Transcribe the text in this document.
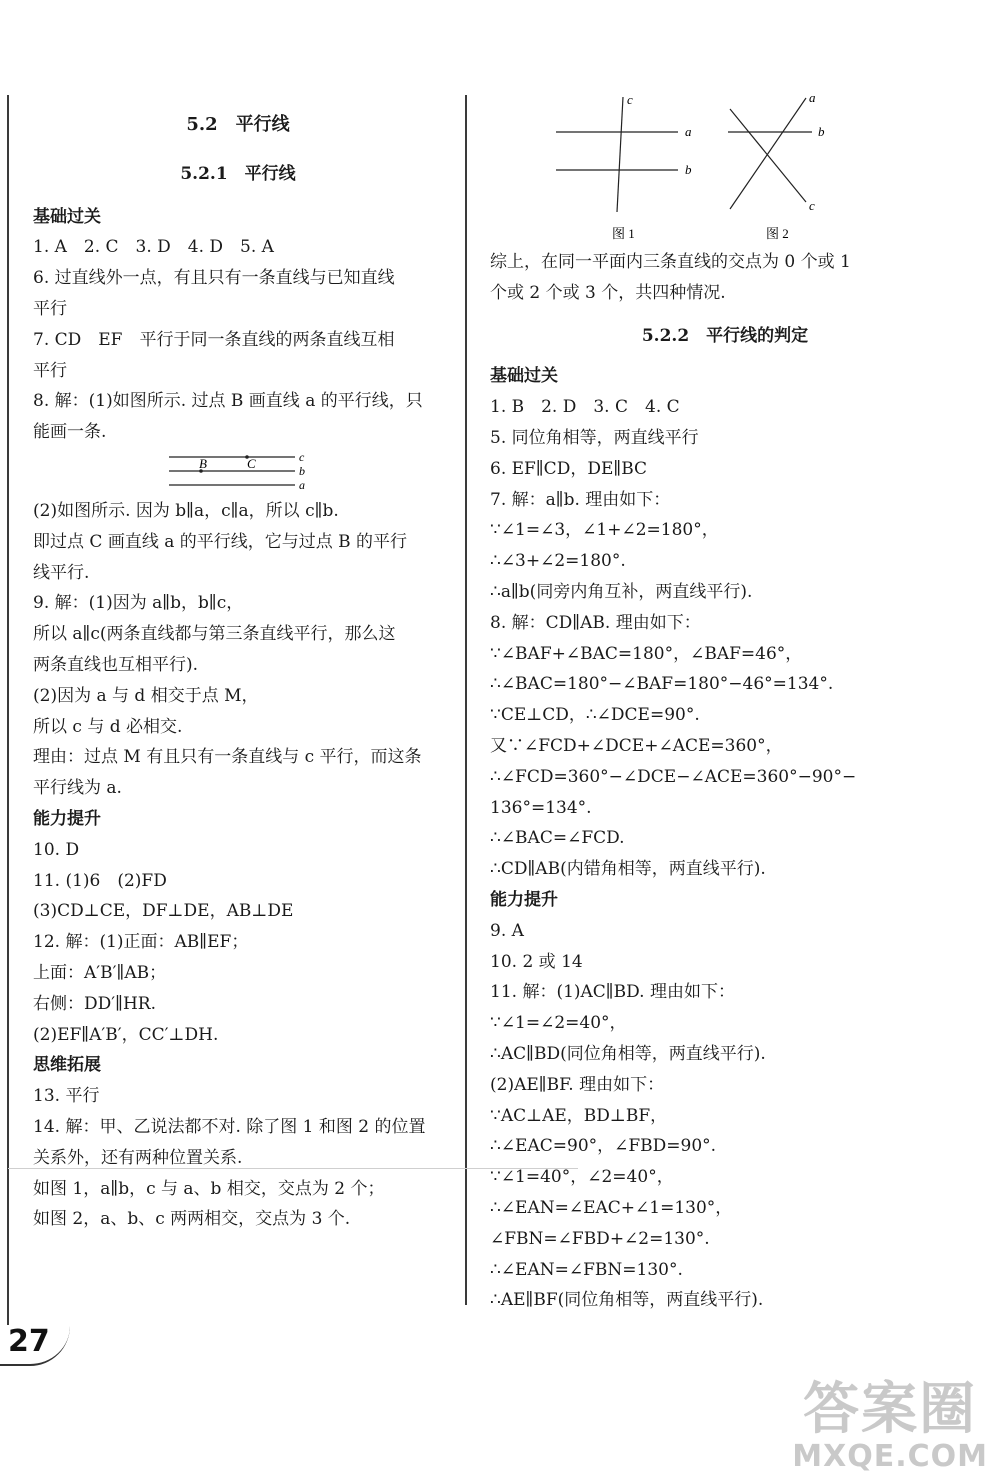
5.2　平行线
5.2.1　平行线
基础过关
1. A　2. C　3. D　4. D　5. A
6. 过直线外一点，有且只有一条直线与已知直线
平行
7. CD　EF　平行于同一条直线的两条直线互相
平行
8. 解：(1)如图所示. 过点 B 画直线 a 的平行线，只
能画一条.
B	C	c
b
a
(2)如图所示. 因为 b∥a，c∥a，所以 c∥b.
即过点 C 画直线 a 的平行线，它与过点 B 的平行
线平行.
9. 解：(1)因为 a∥b，b∥c，
所以 a∥c(两条直线都与第三条直线平行，那么这
两条直线也互相平行).
(2)因为 a 与 d 相交于点 M，
所以 c 与 d 必相交.
理由：过点 M 有且只有一条直线与 c 平行，而这条
平行线为 a.
能力提升
10. D
11. (1)6　(2)FD
(3)CD⊥CE，DF⊥DE，AB⊥DE
12. 解：(1)正面：AB∥EF；
上面：A′B′∥AB；
右侧：DD′∥HR.
(2)EF∥A′B′，CC′⊥DH.
思维拓展
13. 平行
14. 解：甲、乙说法都不对. 除了图 1 和图 2 的位置
关系外，还有两种位置关系.
如图 1，a∥b，c 与 a、b 相交，交点为 2 个；
如图 2，a、b、c 两两相交，交点为 3 个.
c
a
b
图 1
a
b
c
图 2
综上，在同一平面内三条直线的交点为 0 个或 1
个或 2 个或 3 个，共四种情况.
5.2.2　平行线的判定
基础过关
1. B　2. D　3. C　4. C
5. 同位角相等，两直线平行
6. EF∥CD，DE∥BC
7. 解：a∥b. 理由如下：
∵∠1=∠3，∠1+∠2=180°，
∴∠3+∠2=180°.
∴a∥b(同旁内角互补，两直线平行).
8. 解：CD∥AB. 理由如下：
∵∠BAF+∠BAC=180°，∠BAF=46°，
∴∠BAC=180°−∠BAF=180°−46°=134°.
∵CE⊥CD，∴∠DCE=90°.
又∵∠FCD+∠DCE+∠ACE=360°，
∴∠FCD=360°−∠DCE−∠ACE=360°−90°−
136°=134°.
∴∠BAC=∠FCD.
∴CD∥AB(内错角相等，两直线平行).
能力提升
9. A
10. 2 或 14
11. 解：(1)AC∥BD. 理由如下：
∵∠1=∠2=40°，
∴AC∥BD(同位角相等，两直线平行).
(2)AE∥BF. 理由如下：
∵AC⊥AE，BD⊥BF，
∴∠EAC=90°，∠FBD=90°.
∵∠1=40°，∠2=40°，
∴∠EAN=∠EAC+∠1=130°，
∠FBN=∠FBD+∠2=130°.
∴∠EAN=∠FBN=130°.
∴AE∥BF(同位角相等，两直线平行).
27
答案圈
MXQE.COM
